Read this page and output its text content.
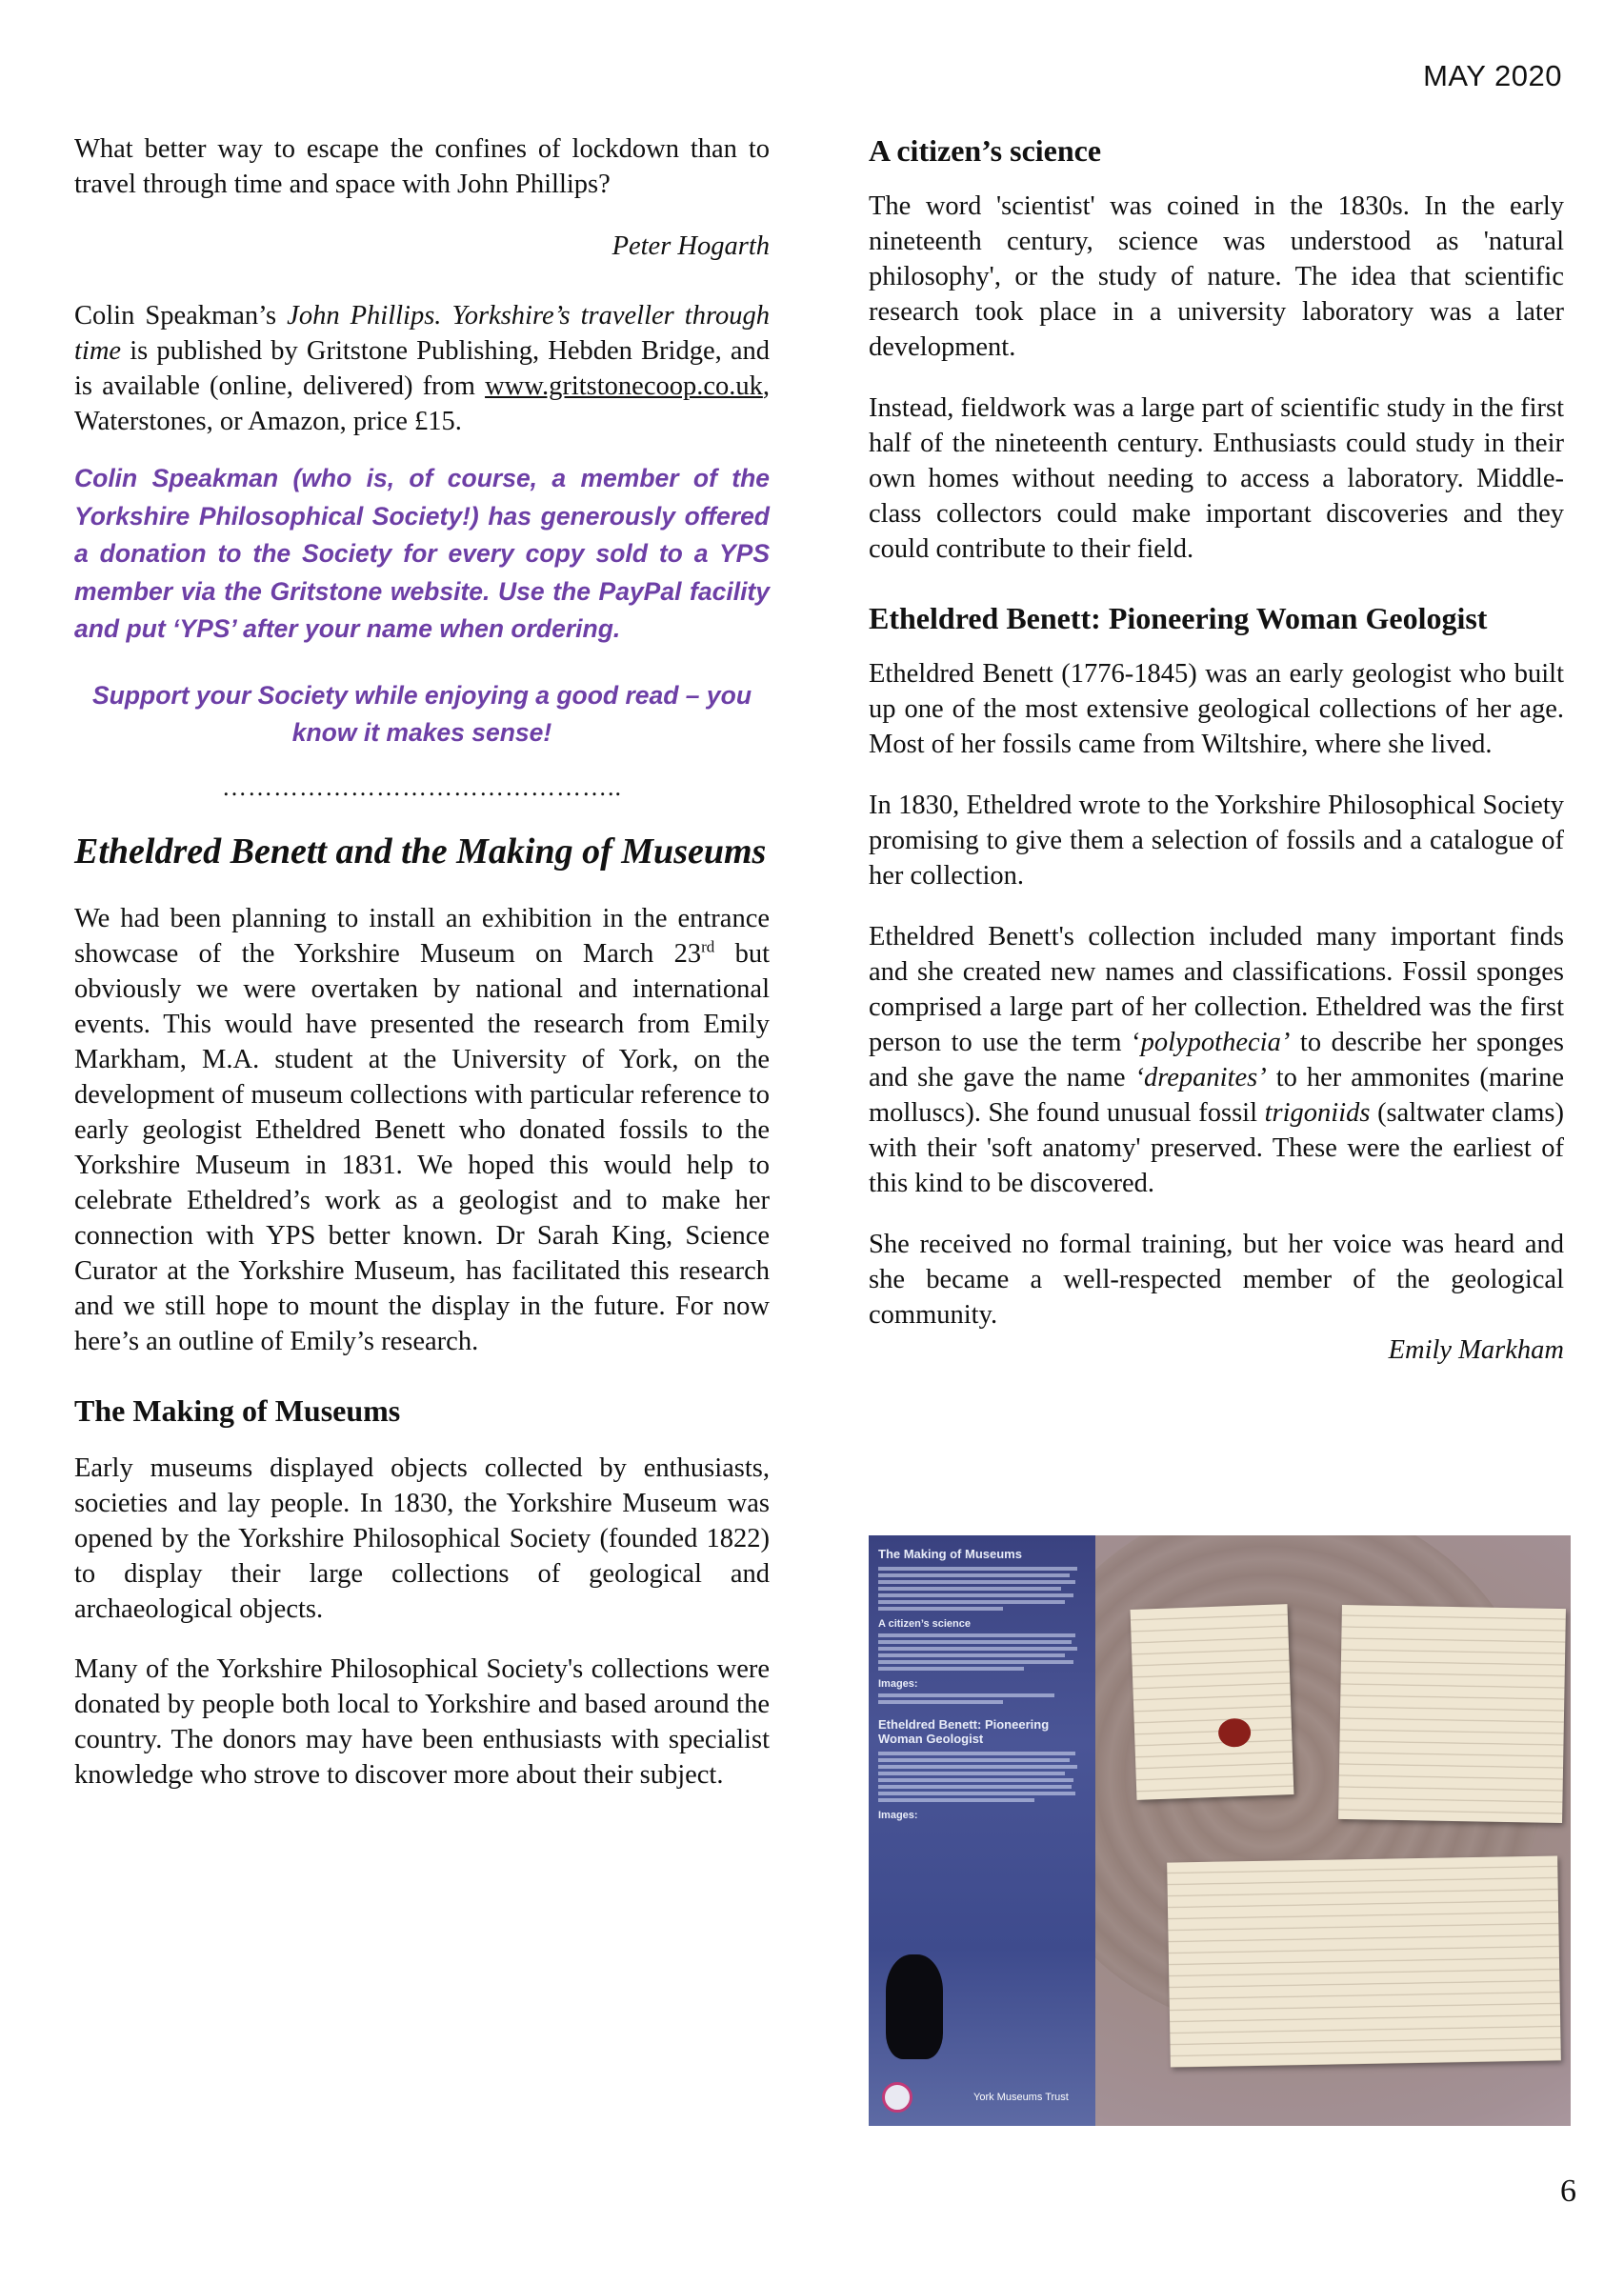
MAY 2020

What better way to escape the confines of lockdown than to travel through time and space with John Phillips?

Peter Hogarth

Colin Speakman’s John Phillips. Yorkshire’s traveller through time is published by Gritstone Publishing, Hebden Bridge, and is available (online, delivered) from www.gritstonecoop.co.uk, Waterstones, or Amazon, price £15.

Colin Speakman (who is, of course, a member of the Yorkshire Philosophical Society!) has generously offered a donation to the Society for every copy sold to a YPS member via the Gritstone website. Use the PayPal facility and put ‘YPS’ after your name when ordering.

Support your Society while enjoying a good read – you know it makes sense!

………………………………………..

Etheldred Benett and the Making of Museums

We had been planning to install an exhibition in the entrance showcase of the Yorkshire Museum on March 23rd but obviously we were overtaken by national and international events. This would have presented the research from Emily Markham, M.A. student at the University of York, on the development of museum collections with particular reference to early geologist Etheldred Benett who donated fossils to the Yorkshire Museum in 1831. We hoped this would help to celebrate Etheldred’s work as a geologist and to make her connection with YPS better known. Dr Sarah King, Science Curator at the Yorkshire Museum, has facilitated this research and we still hope to mount the display in the future. For now here’s an outline of Emily’s research.

The Making of Museums

Early museums displayed objects collected by enthusiasts, societies and lay people. In 1830, the Yorkshire Museum was opened by the Yorkshire Philosophical Society (founded 1822) to display their large collections of geological and archaeological objects.

Many of the Yorkshire Philosophical Society's collections were donated by people both local to Yorkshire and based around the country. The donors may have been enthusiasts with specialist knowledge who strove to discover more about their subject.

A citizen’s science

The word 'scientist' was coined in the 1830s. In the early nineteenth century, science was understood as 'natural philosophy', or the study of nature. The idea that scientific research took place in a university laboratory was a later development.

Instead, fieldwork was a large part of scientific study in the first half of the nineteenth century. Enthusiasts could study in their own homes without needing to access a laboratory. Middle-class collectors could make important discoveries and they could contribute to their field.

Etheldred Benett: Pioneering Woman Geologist

Etheldred Benett (1776-1845) was an early geologist who built up one of the most extensive geological collections of her age. Most of her fossils came from Wiltshire, where she lived.

In 1830, Etheldred wrote to the Yorkshire Philosophical Society promising to give them a selection of fossils and a catalogue of her collection.

Etheldred Benett's collection included many important finds and she created new names and classifications. Fossil sponges comprised a large part of her collection. Etheldred was the first person to use the term ‘polypothecia’ to describe her sponges and she gave the name ‘drepanites’ to her ammonites (marine molluscs). She found unusual fossil trigoniids (saltwater clams) with their 'soft anatomy' preserved. These were the earliest of this kind to be discovered.

She received no formal training, but her voice was heard and she became a well-respected member of the geological community.

Emily Markham

The Making of Museums
A citizen’s science
Images:
Etheldred Benett: Pioneering Woman Geologist
Images:
York Museums Trust
6
